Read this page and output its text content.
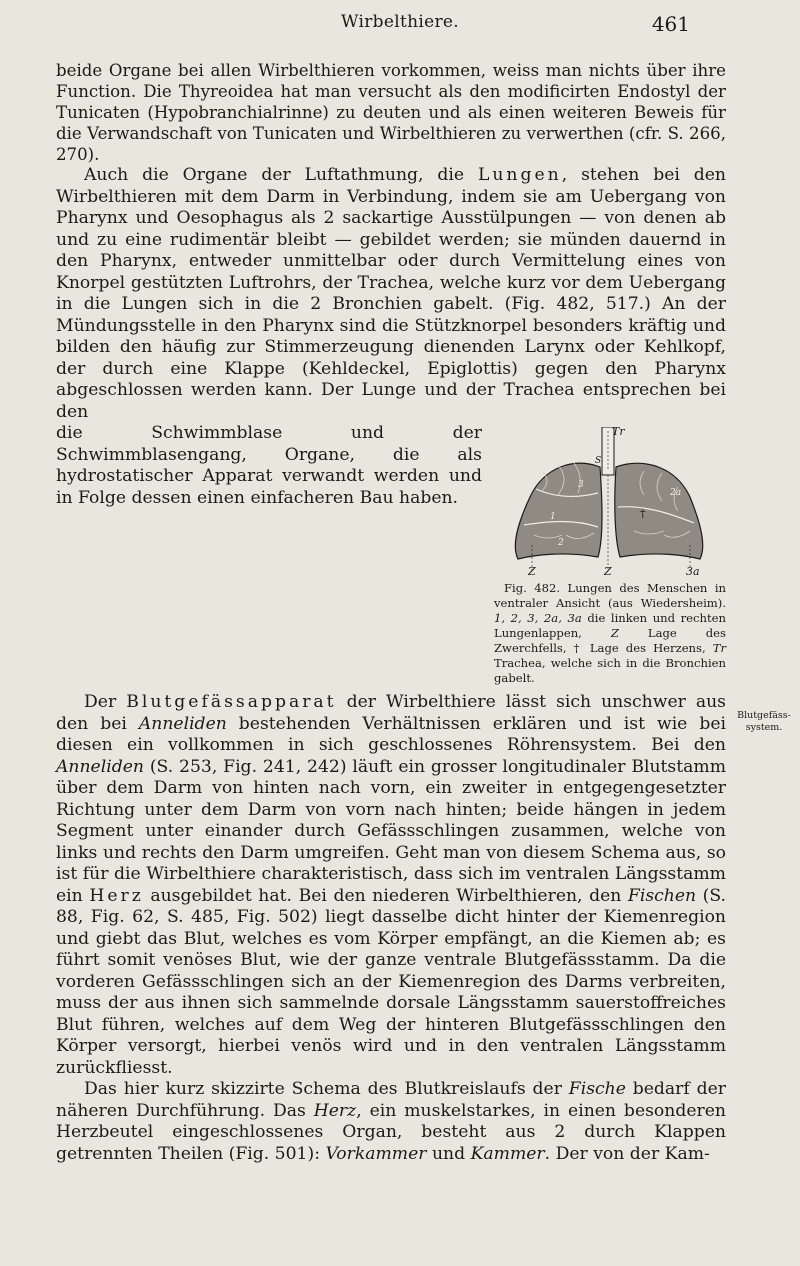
Wirbelthiere.	461

beide Organe bei allen Wirbelthieren vorkommen, weiss man nichts über ihre Function. Die Thyreoidea hat man versucht als den modificirten Endostyl der Tunicaten (Hypobranchialrinne) zu deuten und als einen weiteren Beweis für die Verwandschaft von Tunicaten und Wirbelthieren zu verwerthen (cfr. S. 266, 270).

Auch die Organe der Luftathmung, die Lungen, stehen bei den Wirbelthieren mit dem Darm in Verbindung, indem sie am Uebergang von Pharynx und Oesophagus als 2 sackartige Ausstülpungen — von denen ab und zu eine rudimentär bleibt — gebildet werden; sie münden dauernd in den Pharynx, entweder unmittelbar oder durch Vermittelung eines von Knorpel gestützten Luftrohrs, der Trachea, welche kurz vor dem Uebergang in die Lungen sich in die 2 Bronchien gabelt. (Fig. 482, 517.) An der Mündungsstelle in den Pharynx sind die Stützknorpel besonders kräftig und bilden den häufig zur Stimmerzeugung dienenden Larynx oder Kehlkopf, der durch eine Klappe (Kehldeckel, Epiglottis) gegen den Pharynx abgeschlossen werden kann. Der Lunge und der Trachea entsprechen bei den

Tr
S
†
1
2a
2
3
Z	Z	3a
Fig. 482. Lungen des Menschen in ventraler Ansicht (aus Wiedersheim). 1, 2, 3, 2a, 3a die linken und rechten Lungenlappen, Z Lage des Zwerchfells, † Lage des Herzens, Tr Trachea, welche sich in die Bronchien gabelt.

die Schwimmblase und der Schwimmblasengang, Organe, die als hydrostatischer Apparat verwandt werden und in Folge dessen einen einfacheren Bau haben.

Der Blutgefässapparat der Wirbelthiere lässt sich unschwer aus den bei Anneliden bestehenden Verhältnissen erklären und ist wie bei diesen ein vollkommen in sich geschlossenes Röhrensystem. Bei den Anneliden (S. 253, Fig. 241, 242) läuft ein grosser longitudinaler Blutstamm über dem Darm von hinten nach vorn, ein zweiter in entgegengesetzter Richtung unter dem Darm von vorn nach hinten; beide hängen in jedem Segment unter einander durch Gefässschlingen zusammen, welche von links und rechts den Darm umgreifen. Geht man von diesem Schema aus, so ist für die Wirbelthiere charakteristisch, dass sich im ventralen Längsstamm ein Herz ausgebildet hat. Bei den niederen Wirbelthieren, den Fischen (S. 88, Fig. 62, S. 485, Fig. 502) liegt dasselbe dicht hinter der Kiemenregion und giebt das Blut, welches es vom Körper empfängt, an die Kiemen ab; es führt somit venöses Blut, wie der ganze ventrale Blutgefässstamm. Da die vorderen Gefässschlingen sich an der Kiemenregion des Darms verbreiten, muss der aus ihnen sich sammelnde dorsale Längsstamm sauerstoffreiches Blut führen, welches auf dem Weg der hinteren Blutgefässschlingen den Körper versorgt, hierbei venös wird und in den ventralen Längsstamm zurückfliesst.

Das hier kurz skizzirte Schema des Blutkreislaufs der Fische bedarf der näheren Durchführung. Das Herz, ein muskelstarkes, in einen besonderen Herzbeutel eingeschlossenes Organ, besteht aus 2 durch Klappen getrennten Theilen (Fig. 501): Vorkammer und Kammer. Der von der Kam-

Blutgefäss-system.
